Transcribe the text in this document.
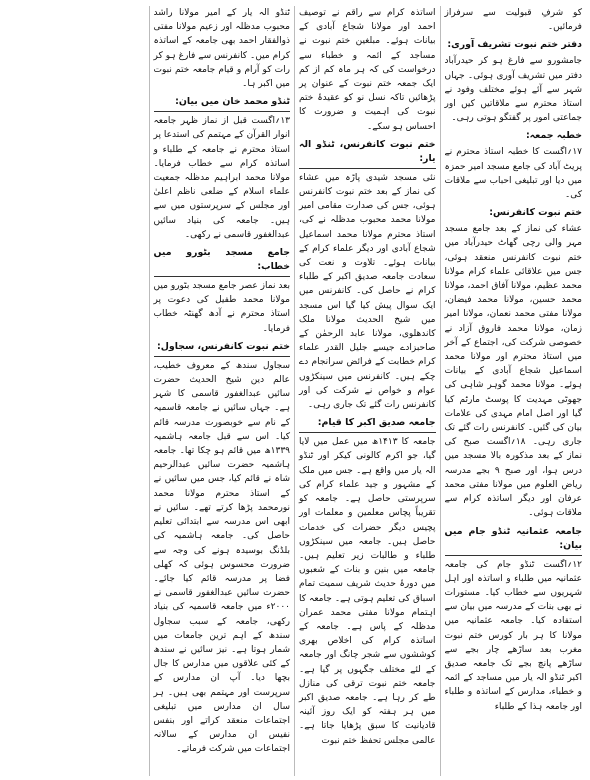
کو شرفِ قبولیت سے سرفراز فرمائیں۔
دفتر ختم نبوت تشریف آوری:
جامشورو سے فارغ ہو کر حیدرآباد دفتر میں تشریف آوری ہوئی۔ جہاں شہر سے آئے ہوئے مختلف وفود نے استاذ محترم سے ملاقاتیں کیں اور جماعتی امور پر گفتگو ہوتی رہی۔
خطبہ جمعہ:
۱۷؍اگست کا خطبہ استاذ محترم نے پریٹ آباد کی جامع مسجد امیر حمزہ میں دیا اور تبلیغی احباب سے ملاقات کی۔
ختم نبوت کانفرنس:
عشاء کی نماز کے بعد جامع مسجد مہر والی رچی گھاٹ حیدرآباد میں ختم نبوت کانفرنس منعقد ہوئی، جس میں علاقائی علماء کرام مولانا محمد عظیم، مولانا آفاق احمد، مولانا محمد حسین، مولانا محمد فیضان، مولانا مفتی محمد نعمان، مولانا امیر زمان، مولانا محمد فاروق آزاد نے خصوصی شرکت کی، اجتماع کے آخر میں استاذ محترم اور مولانا محمد اسماعیل شجاع آبادی کے بیانات ہوئے۔ مولانا محمد گوہر شاہی کی جھوٹی مہدیت کا پوسٹ مارٹم کیا گیا اور اصل امام مہدی کی علامات بیان کی گئیں۔ کانفرنس رات گئے تک جاری رہی۔ ۱۸؍اگست صبح کی نماز کے بعد مذکورہ بالا مسجد میں درس ہوا، اور صبح ۹ بجے مدرسہ ریاض العلوم میں مولانا مفتی محمد عرفان اور دیگر اساتذہ کرام سے ملاقات ہوئی۔
جامعہ عثمانیہ ٹنڈو جام میں بیان:
۱۲؍اگست ٹنڈو جام کی جامعہ عثمانیہ میں طلباء و اساتذہ اور اہل شہریوں سے خطاب کیا۔ مستورات نے بھی بنات کے مدرسہ میں بیان سے استفادہ کیا۔ جامعہ عثمانیہ میں مولانا کا ہر بار کورس ختم نبوت مغرب بعد ساڑھے چار بجے سے ساڑھے پانچ بجے تک جامعہ صدیق اکبر ٹنڈو الہ یار میں مساجد کے ائمہ و خطباء، مدارس کے اساتذہ و طلباء اور جامعہ ہذا کے طلباء
اساتذہ کرام سے راقم نے توصیف احمد اور مولانا شجاع آبادی کے بیانات ہوئے۔ مبلغین ختم نبوت نے مساجد کے ائمہ و خطباء سے درخواست کی کہ ہر ماہ کم از کم ایک جمعہ ختم نبوت کے عنوان پر پڑھائیں تاکہ نسل نو کو عقیدۂ ختم نبوت کی اہمیت و ضرورت کا احساس ہو سکے۔
ختم نبوت کانفرنس، ٹنڈو الہ یار:
نئی مسجد شیدی پاڑہ میں عشاء کی نماز کے بعد ختم نبوت کانفرنس ہوئی، جس کی صدارت مقامی امیر مولانا محمد محبوب مدظلہ نے کی، استاذ محترم مولانا محمد اسماعیل شجاع آبادی اور دیگر علماء کرام کے بیانات ہوئے۔ تلاوت و نعت کی سعادت جامعہ صدیق اکبر کے طلباء کرام نے حاصل کی۔ کانفرنس میں ایک سوال پیش کیا گیا اس مسجد میں شیخ الحدیث مولانا ملک کاندھلوی، مولانا عابد الرحمٰن کے صاحبزادے جیسے جلیل القدر علماء کرام خطابت کے فرائض سرانجام دے چکے ہیں۔ کانفرنس میں سینکڑوں عوام و خواص نے شرکت کی اور کانفرنس رات گئے تک جاری رہی۔
جامعہ صدیق اکبر کا قیام:
جامعہ کا ۱۴۱۳ھ میں عمل میں لایا گیا، جو اکرم کالونی کیکر اور ٹنڈو الہ یار میں واقع ہے۔ جس میں ملک کے مشہور و جید علماء کرام کی سرپرستی حاصل ہے۔ جامعہ کو تقریباً پچاس معلمین و معلمات اور پچیس دیگر حضرات کی خدمات حاصل ہیں۔ جامعہ میں سینکڑوں طلباء و طالبات زیر تعلیم ہیں۔ جامعہ میں بنین و بنات کے شعبوں میں دورۂ حدیث شریف سمیت تمام اسباق کی تعلیم ہوتی ہے۔ جامعہ کا اہتمام مولانا مفتی محمد عمران مدظلہ کے پاس ہے۔ جامعہ کے اساتذہ کرام کی اخلاص بھری کوششوں سے شجر چانگ اور جامعہ کے لئے مختلف جگہوں پر گیا ہے۔ جامعہ ختم نبوت ترقی کی منازل طے کر رہا ہے۔ جامعہ صدیق اکبر میں ہر ہفتہ کو ایک روز آئینہ قادیانیت کا سبق پڑھایا جاتا ہے۔ عالمی مجلس تحفظ ختم نبوت
ٹنڈو الہ یار کے امیر مولانا راشد محبوب مدظلہ اور زعیم مولانا مفتی ذوالفقار احمد بھی جامعہ کے اساتذہ کرام میں۔ کانفرنس سے فارغ ہو کر رات کو آرام و قیام جامعہ ختم نبوت میں اکبر ہا۔
ٹنڈو محمد خان میں بیان:
۱۳؍اگست قبل از نماز ظہر جامعہ انوار القرآن کے مہتمم کی استدعا پر استاذ محترم نے جامعہ کے طلباء و اساتذہ کرام سے خطاب فرمایا۔ مولانا محمد ابراہیم مدظلہ جمعیت علماء اسلام کے ضلعی ناظم اعلیٰ اور مجلس کے سرپرستوں میں سے ہیں۔ جامعہ کی بنیاد سائیں عبدالغفور قاسمی نے رکھی۔
جامع مسجد بٹورو میں خطاب:
بعد نماز عصر جامع مسجد بٹورو میں مولانا محمد طفیل کی دعوت پر استاذ محترم نے آدھ گھنٹہ خطاب فرمایا۔
ختم نبوت کانفرنس، سجاول:
سجاول سندھ کے معروف خطیب، عالم دین شیخ الحدیث حضرت سائیں عبدالغفور قاسمی کا شہر ہے۔ جہاں سائیں نے جامعہ قاسمیہ کے نام سے خوبصورت مدرسہ قائم کیا۔ اس سے قبل جامعہ ہاشمیہ ۱۳۳۹ھ میں قائم ہو چکا تھا۔ جامعہ ہاشمیہ حضرت سائیں عبدالرحیم شاہ نے قائم کیا، جس میں سائیں نے کے استاذ محترم مولانا محمد نورمحمد پڑھا کرتے تھے۔ سائیں نے ابھی اس مدرسہ سے ابتدائی تعلیم حاصل کی۔ جامعہ ہاشمیہ کی بلڈنگ بوسیدہ ہونے کی وجہ سے ضرورت محسوس ہوئی کہ کھلی فضا پر مدرسہ قائم کیا جائے۔ حضرت سائیں عبدالغفور قاسمی نے ۲۰۰۰ء میں جامعہ قاسمیہ کی بنیاد رکھی، جامعہ کے سبب سجاول سندھ کے اہم ترین جامعات میں شمار ہوتا ہے۔ نیز سائیں نے سندھ کے کئی علاقوں میں مدارس کا جال بچھا دیا۔ آپ ان مدارس کے سرپرست اور مہتمم بھی ہیں۔ ہر سال ان مدارس میں تبلیغی اجتماعات منعقد کراتے اور بنفس نفیس ان مدارس کے سالانہ اجتماعات میں شرکت فرماتے۔
